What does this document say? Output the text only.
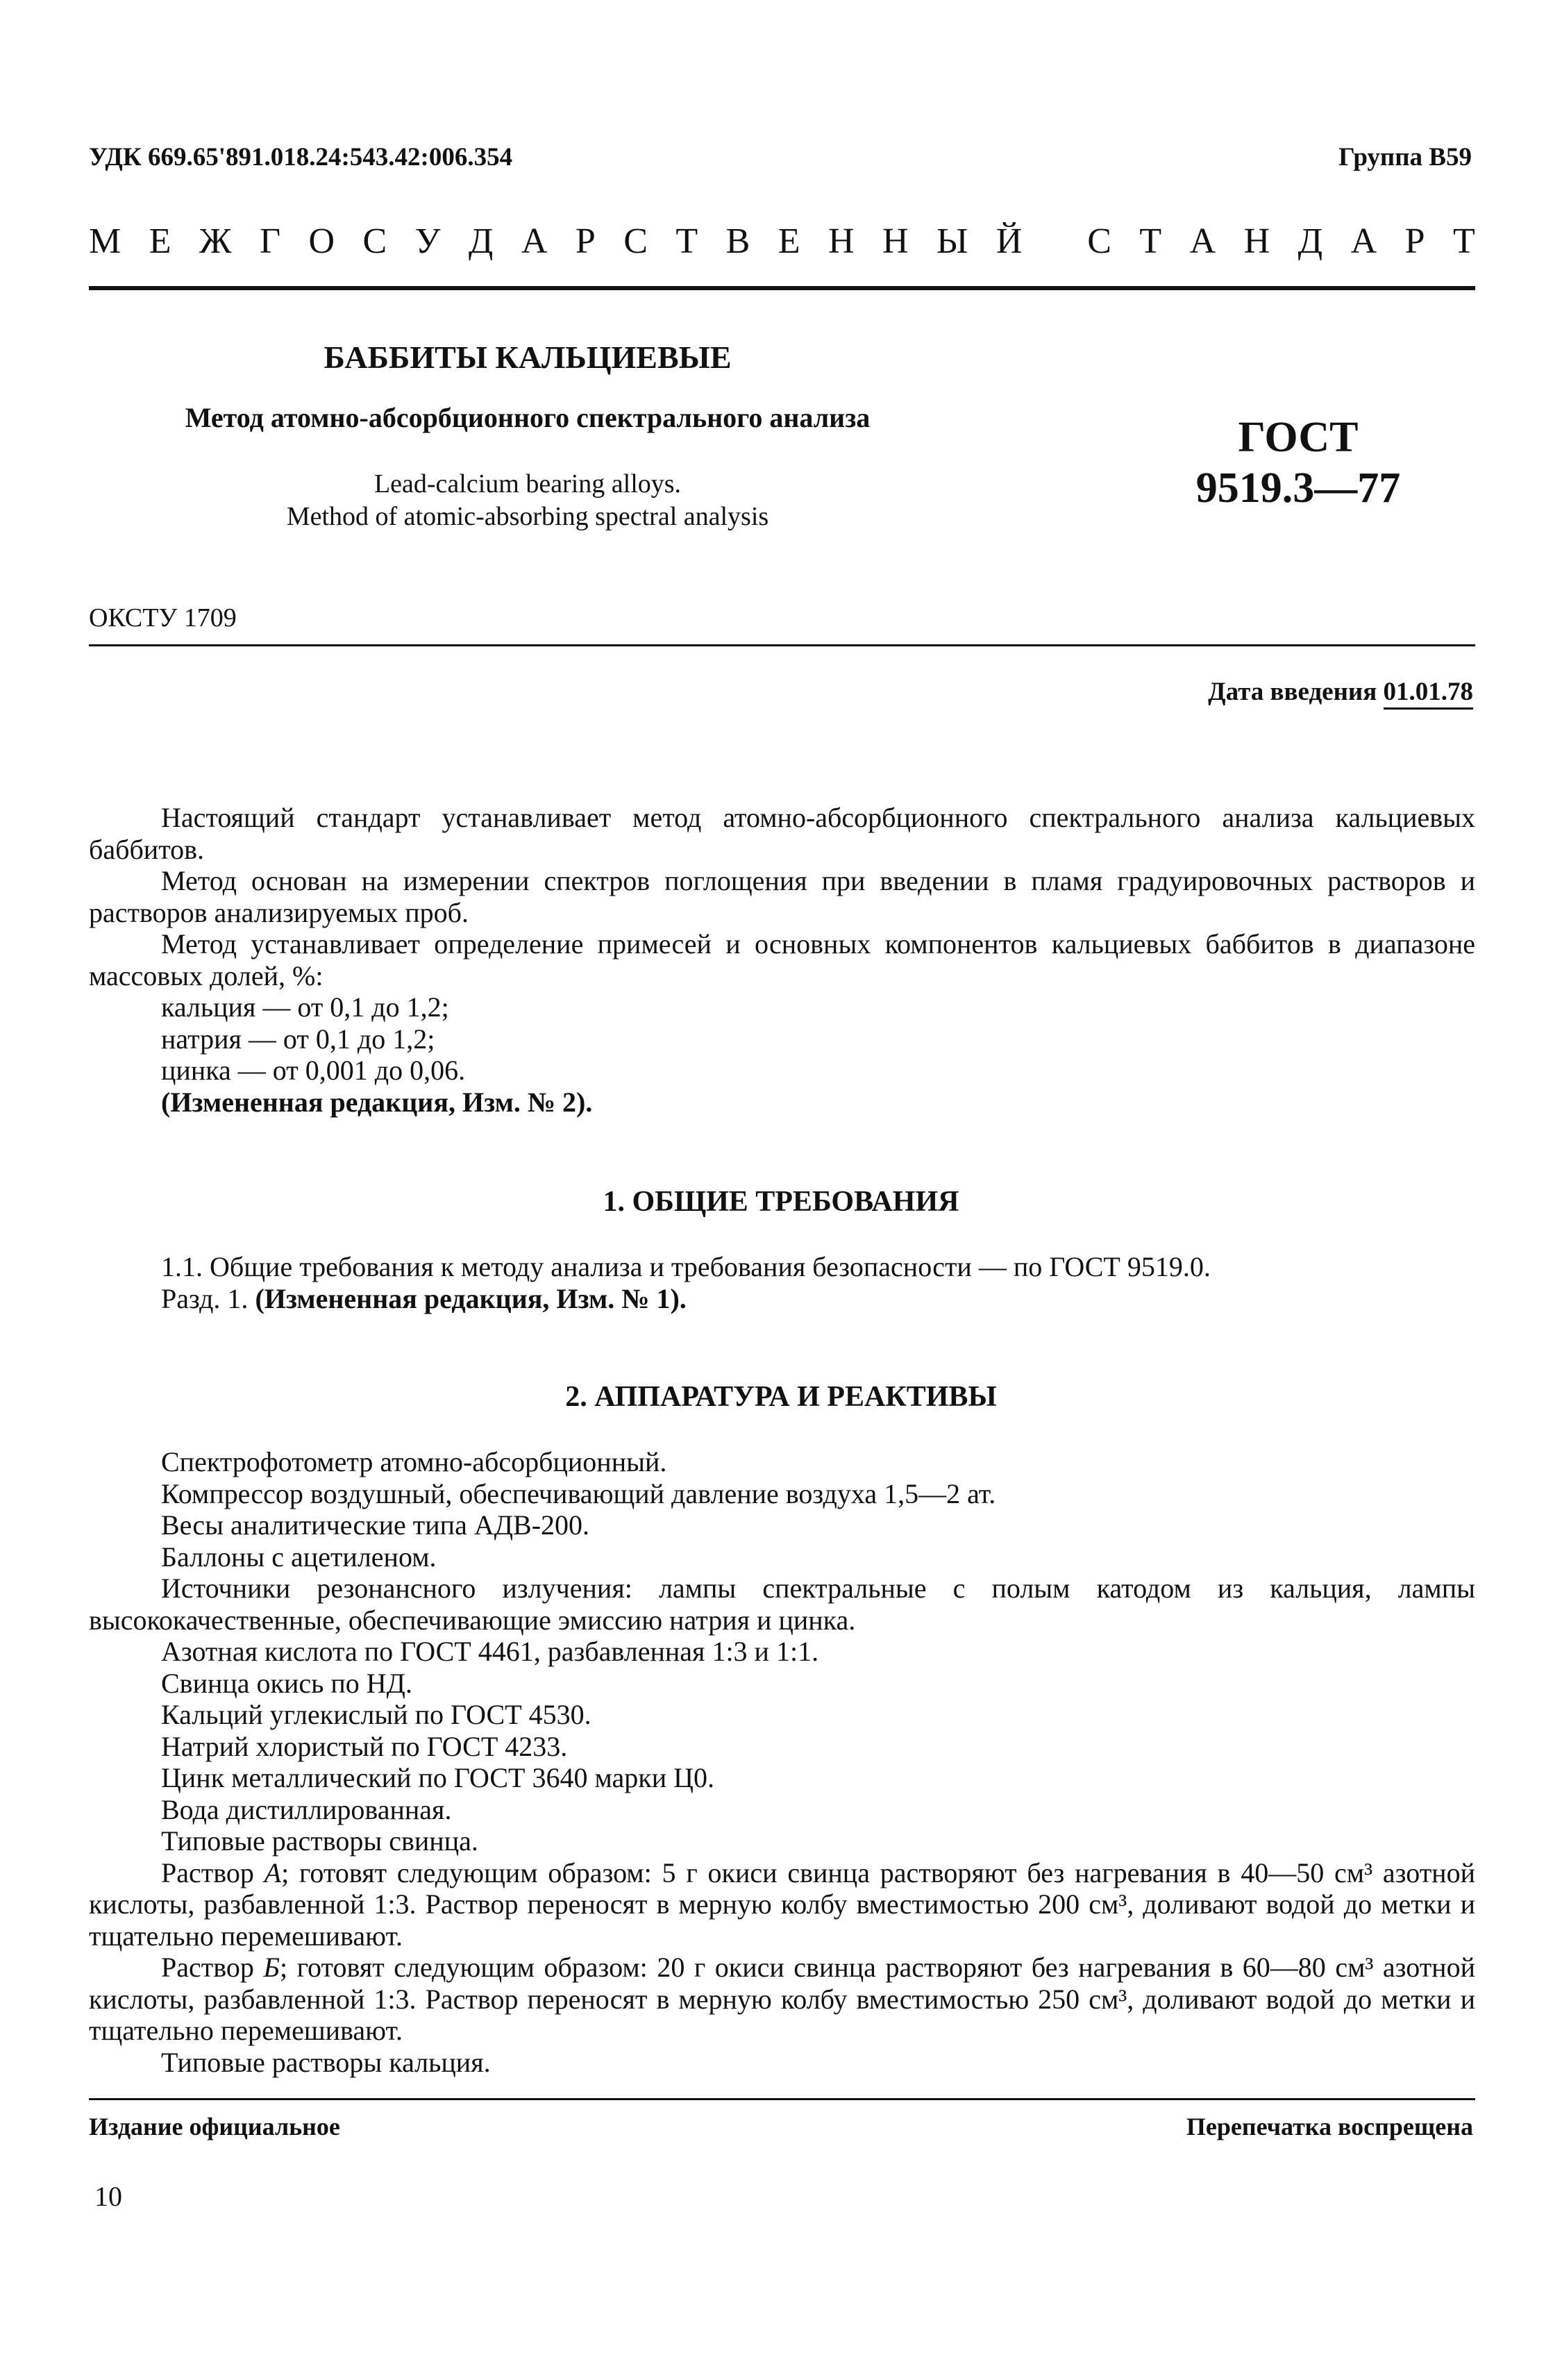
УДК 669.65'891.018.24:543.42:006.354	Группа В59
М Е Ж Г О С У Д А Р С Т В Е Н Н Ы Й
С Т А Н Д А Р Т
БАББИТЫ КАЛЬЦИЕВЫЕ
Метод атомно-абсорбционного спектрального анализа
Lead-calcium bearing alloys.
Method of atomic-absorbing spectral analysis
ГОСТ
9519.3—77
ОКСТУ 1709
Дата введения 01.01.78

Настоящий стандарт устанавливает метод атомно-абсорбционного спектрального анализа кальциевых баббитов.

Метод основан на измерении спектров поглощения при введении в пламя градуировочных растворов и растворов анализируемых проб.

Метод устанавливает определение примесей и основных компонентов кальциевых баббитов в диапазоне массовых долей, %:

кальция — от 0,1 до 1,2;

натрия — от 0,1 до 1,2;

цинка — от 0,001 до 0,06.

(Измененная редакция, Изм. № 2).

1. ОБЩИЕ ТРЕБОВАНИЯ

1.1. Общие требования к методу анализа и требования безопасности — по ГОСТ 9519.0.

Разд. 1. (Измененная редакция, Изм. № 1).

2. АППАРАТУРА И РЕАКТИВЫ

Спектрофотометр атомно-абсорбционный.

Компрессор воздушный, обеспечивающий давление воздуха 1,5—2 ат.

Весы аналитические типа АДВ-200.

Баллоны с ацетиленом.

Источники резонансного излучения: лампы спектральные с полым катодом из кальция, лампы высококачественные, обеспечивающие эмиссию натрия и цинка.

Азотная кислота по ГОСТ 4461, разбавленная 1:3 и 1:1.

Свинца окись по НД.

Кальций углекислый по ГОСТ 4530.

Натрий хлористый по ГОСТ 4233.

Цинк металлический по ГОСТ 3640 марки Ц0.

Вода дистиллированная.

Типовые растворы свинца.

Раствор А; готовят следующим образом: 5 г окиси свинца растворяют без нагревания в 40—50 см³ азотной кислоты, разбавленной 1:3. Раствор переносят в мерную колбу вместимостью 200 см³, доливают водой до метки и тщательно перемешивают.

Раствор Б; готовят следующим образом: 20 г окиси свинца растворяют без нагревания в 60—80 см³ азотной кислоты, разбавленной 1:3. Раствор переносят в мерную колбу вместимостью 250 см³, доливают водой до метки и тщательно перемешивают.

Типовые растворы кальция.

Издание официальное	Перепечатка воспрещена
10
